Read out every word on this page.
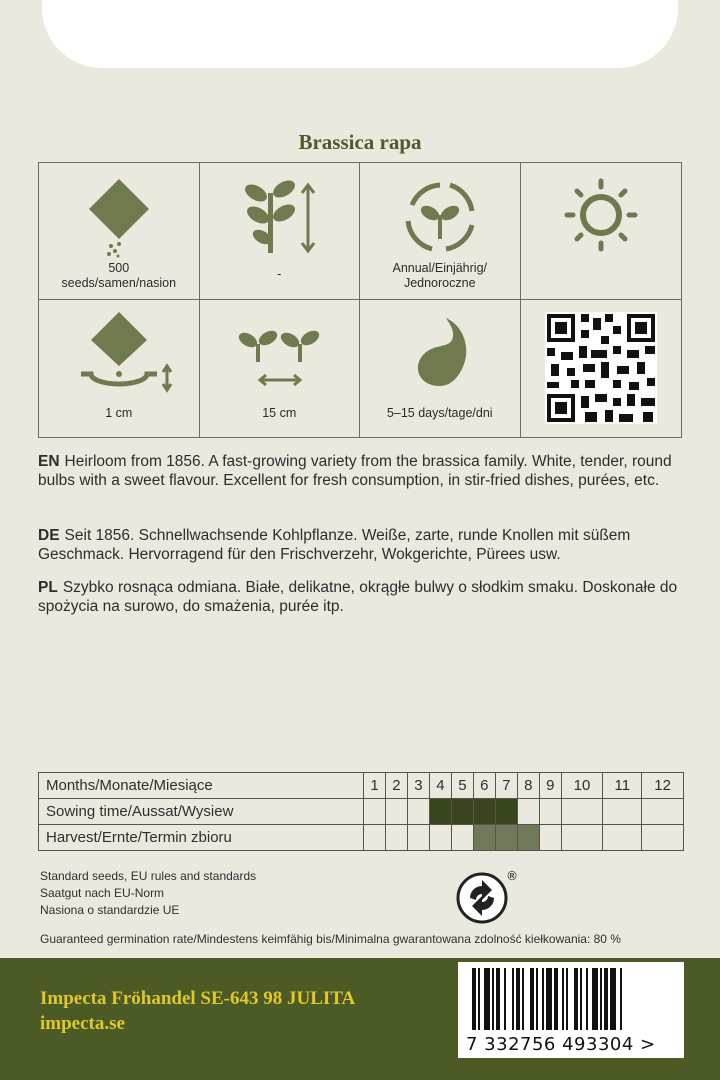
Brassica rapa
500
seeds/samen/nasion
-	Annual/Einjährig/
Jednoroczne
1 cm	15 cm	5–15 days/tage/dni
EN Heirloom from 1856. A fast-growing variety from the brassica family. White, tender, round bulbs with a sweet flavour. Excellent for fresh consumption, in stir-fried dishes, purées, etc.
DE Seit 1856. Schnellwachsende Kohlpflanze. Weiße, zarte, runde Knollen mit süßem Geschmack. Hervorragend für den Frischverzehr, Wokgerichte, Pürees usw.
PL Szybko rosnąca odmiana. Białe, delikatne, okrągłe bulwy o słodkim smaku. Doskonałe do spożycia na surowo, do smażenia, purée itp.
Months/Monate/Miesiące	1	2	3	4	5	6	7	8	9	10	11	12
Sowing time/Aussat/Wysiew												
Harvest/Ernte/Termin zbioru												
Standard seeds, EU rules and standards
Saatgut nach EU-Norm
Nasiona o standardzie UE
®
Guaranteed germination rate/Mindestens keimfähig bis/Minimalna gwarantowana zdolność kiełkowania: 80 %
Impecta Fröhandel SE-643 98 JULITA
impecta.se
7 332756 493304 >
